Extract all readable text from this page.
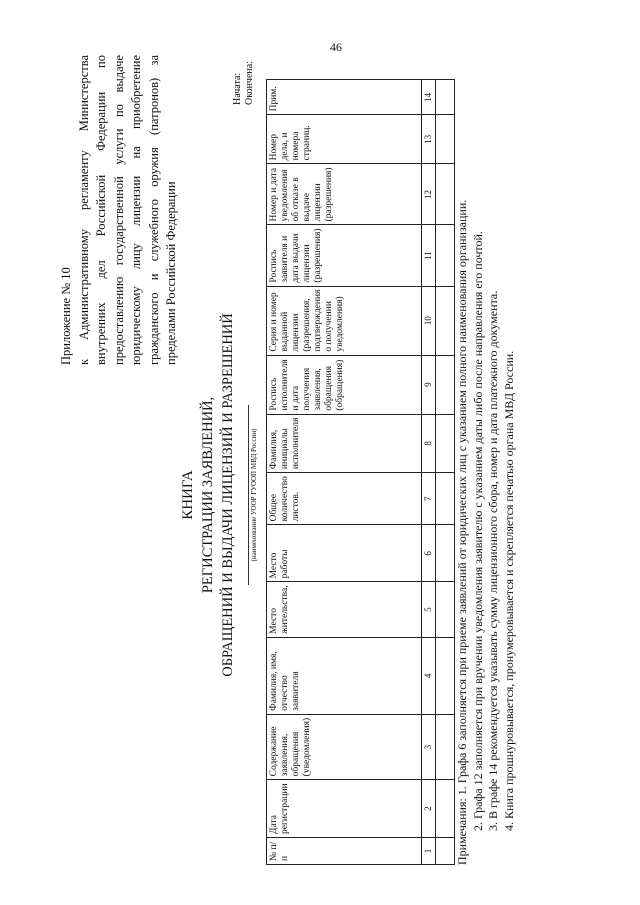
46
Приложение № 10 к Административному регламенту Министерства внутренних дел Российской Федерации по предоставлению государственной услуги по выдаче юридическому лицу лицензии на приобретение гражданского и служебного оружия (патронов) за пределами Российской Федерации
Начата: Окончена:
КНИГА РЕГИСТРАЦИИ ЗАЯВЛЕНИЙ, ОБРАЩЕНИЙ И ВЫДАЧИ ЛИЦЕНЗИЙ И РАЗРЕШЕНИЙ (наименование УООР ГУООП МВД России)
№ п/п	Дата регистрации	Содержание заявления, обращения (уведомления)	Фамилия, имя, отчество заявителя	Место жительства,	Место работы	Общее количество листов.	Фамилия, инициалы исполнителя	Роспись исполнителя и дата получения заявления, обращения (обращения)	Серия и номер выданной лицензии (разрешения, подтверждения о получении уведомления)	Роспись заявителя и дата выдачи лицензии (разрешения)	Номер и дата уведомления об отказе в выдаче лицензии (разрешения)	Номер дела, и номера страниц.	Прим.
1	2	3	4	5	6	7	8	9	10	11	12	13	14

Примечания: 1. Графа 6 заполняется при приеме заявлений от юридических лиц с указанием полного наименования организации. 2. Графа 12 заполняется при вручении уведомления заявителю с указанием даты либо после направления его почтой. 3. В графе 14 рекомендуется указывать сумму лицензионного сбора, номер и дата платежного документа. 4. Книга прошнуровывается, пронумеровывается и скрепляется печатью органа МВД России.
